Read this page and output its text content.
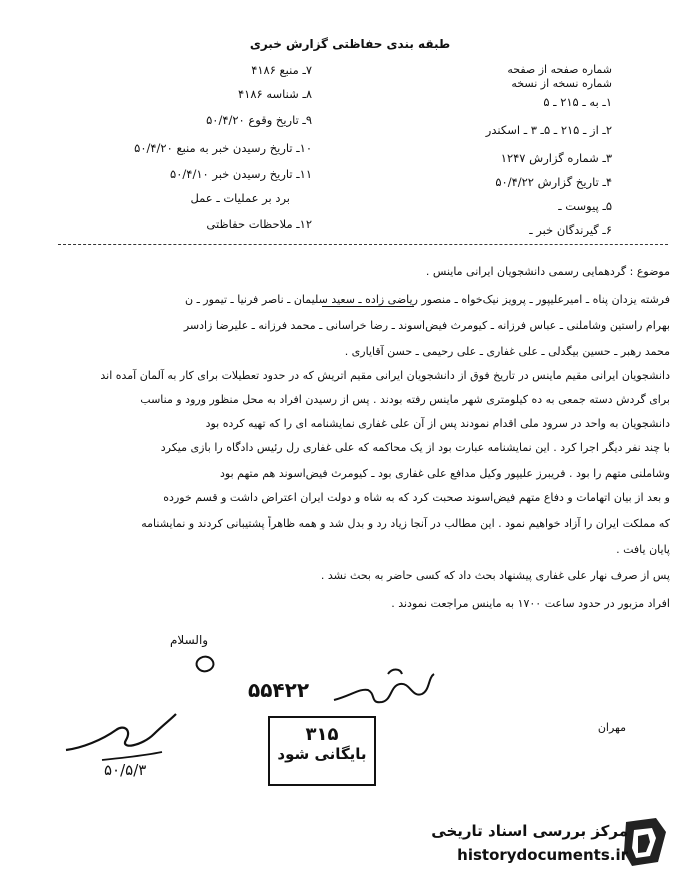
طبقه بندی حفاظتی گزارش خبری
شماره صفحه از صفحه
شماره نسخه از نسخه
۱ـ به ـ ۲۱۵ ـ ۵
۲ـ از ـ ۲۱۵ ـ ۵ـ ۳ ـ اسکندر
۳ـ شماره گزارش ۱۲۴۷
۴ـ تاریخ گزارش ۵۰/۴/۲۲
۵ـ پیوست ـ
۶ـ گیرندگان خبر ـ
۷ـ منبع ۴۱۸۶
۸ـ شناسه ۴۱۸۶
۹ـ تاریخ وقوع ۵۰/۴/۲۰
۱۰ـ تاریخ رسیدن خبر به منبع ۵۰/۴/۲۰
۱۱ـ تاریخ رسیدن خبر ۵۰/۴/۱۰
برد بر عملیات ـ عمل
۱۲ـ ملاحظات حفاظتی
موضوع : گردهمایی رسمی دانشجویان ایرانی ماینس .
فرشته یزدان پناه ـ امیرعلیپور ـ پرویز نیک‌خواه ـ منصور ریاضی زاده ـ سعید سلیمان ـ ناصر فرنیا ـ تیمور ـ ن
بهرام راستین وشاملنی ـ عباس فرزانه ـ کیومرث فیض‌اسوند ـ رضا خراسانی ـ محمد فرزانه ـ علیرضا زادسر
محمد رهبر ـ حسین بیگدلی ـ علی غفاری ـ علی رحیمی ـ حسن آقایاری .
دانشجویان ایرانی مقیم ماینس در تاریخ فوق از دانشجویان ایرانی مقیم اتریش که در حدود تعطیلات برای کار به آلمان آمده اند
برای گردش دسته جمعی به ده کیلومتری شهر ماینس رفته بودند . پس از رسیدن افراد به محل منظور ورود و مناسب
دانشجویان به واحد در سرود ملی اقدام نمودند پس از آن علی غفاری نمایشنامه ای را که تهیه کرده بود
با چند نفر دیگر اجرا کرد . این نمایشنامه عبارت بود از یک محاکمه که علی غفاری رل رئیس دادگاه را بازی میکرد
وشاملنی متهم را بود . فریبرز علیپور وکیل مدافع علی غفاری بود ـ کیومرث فیض‌اسوند هم متهم بود
و بعد از بیان اتهامات و دفاع متهم فیض‌اسوند صحبت کرد که به شاه و دولت ایران اعتراض داشت و قسم خورده
که مملکت ایران را آزاد خواهیم نمود . این مطالب در آنجا زیاد رد و بدل شد و همه ظاهراً پشتیبانی کردند و نمایشنامه
پایان یافت .
پس از صرف نهار علی غفاری پیشنهاد بحث داد که کسی حاضر به بحث نشد .
افراد مزبور در حدود ساعت ۱۷۰۰ به ماینس مراجعت نمودند .
والسلام
۵۵۴۲۲
۵۰/۵/۳
۳۱۵
بایگانی شود
مهران
مرکز بررسی اسناد تاریخی
historydocuments.ir
